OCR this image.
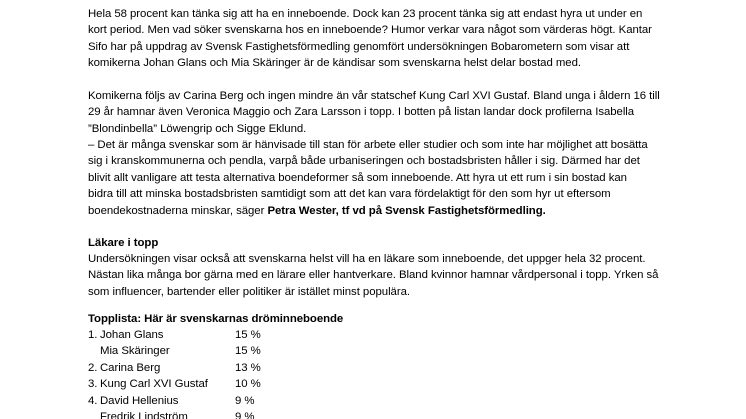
Hela 58 procent kan tänka sig att ha en inneboende. Dock kan 23 procent tänka sig att endast hyra ut under en
kort period. Men vad söker svenskarna hos en inneboende? Humor verkar vara något som värderas högt. Kantar
Sifo har på uppdrag av Svensk Fastighetsförmedling genomfört undersökningen Bobarometern som visar att
komikerna Johan Glans och Mia Skäringer är de kändisar som svenskarna helst delar bostad med.

Komikerna följs av Carina Berg och ingen mindre än vår statschef Kung Carl XVI Gustaf. Bland unga i åldern 16 till
29 år hamnar även Veronica Maggio och Zara Larsson i topp. I botten på listan landar dock profilerna Isabella
”Blondinbella” Löwengrip och Sigge Eklund.

– Det är många svenskar som är hänvisade till stan för arbete eller studier och som inte har möjlighet att bosätta
sig i kranskommunerna och pendla, varpå både urbaniseringen och bostadsbristen håller i sig. Därmed har det
blivit allt vanligare att testa alternativa boendeformer så som inneboende. Att hyra ut ett rum i sin bostad kan
bidra till att minska bostadsbristen samtidigt som att det kan vara fördelaktigt för den som hyr ut eftersom
boendekostnaderna minskar, säger Petra Wester, tf vd på Svensk Fastighetsförmedling.

Läkare i topp

Undersökningen visar också att svenskarna helst vill ha en läkare som inneboende, det uppger hela 32 procent.
Nästan lika många bor gärna med en lärare eller hantverkare. Bland kvinnor hamnar vårdpersonal i topp. Yrken så
som influencer, bartender eller politiker är istället minst populära.

Topplista: Här är svenskarnas dröminneboende

1. Johan Glans	15 %
Mia Skäringer	15 %
2. Carina Berg	13 %
3. Kung Carl XVI Gustaf 10 %
4. David Hellenius	9 %
Fredrik Lindström	9 %
